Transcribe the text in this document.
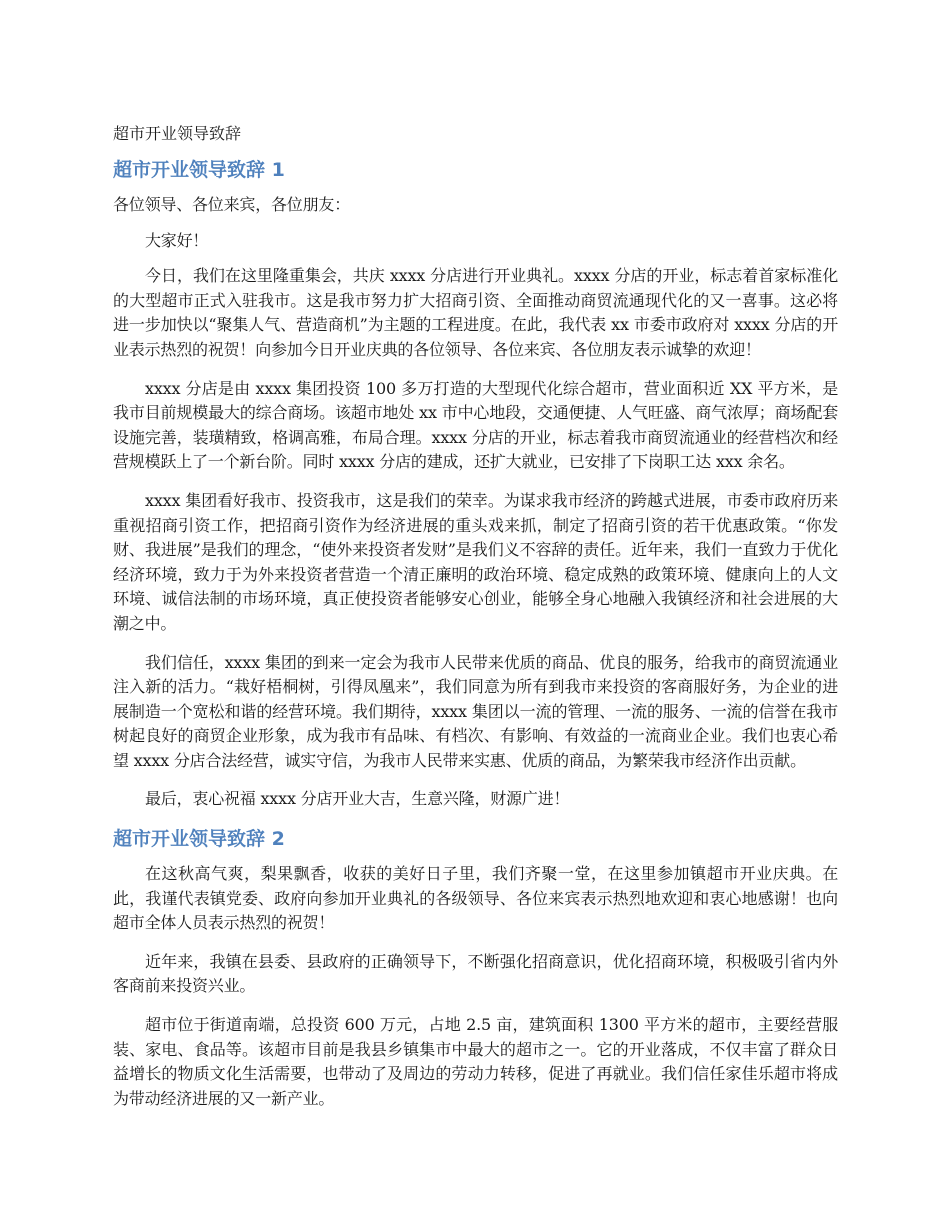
超市开业领导致辞
超市开业领导致辞 1

各位领导、各位来宾，各位朋友：

大家好！

今日，我们在这里隆重集会，共庆 xxxx 分店进行开业典礼。xxxx 分店的开业，标志着首家标准化的大型超市正式入驻我市。这是我市努力扩大招商引资、全面推动商贸流通现代化的又一喜事。这必将进一步加快以“聚集人气、营造商机”为主题的工程进度。在此，我代表 xx 市委市政府对 xxxx 分店的开业表示热烈的祝贺！向参加今日开业庆典的各位领导、各位来宾、各位朋友表示诚挚的欢迎！

xxxx 分店是由 xxxx 集团投资 100 多万打造的大型现代化综合超市，营业面积近 XX 平方米，是我市目前规模最大的综合商场。该超市地处 xx 市中心地段，交通便捷、人气旺盛、商气浓厚；商场配套设施完善，装璜精致，格调高雅，布局合理。xxxx 分店的开业，标志着我市商贸流通业的经营档次和经营规模跃上了一个新台阶。同时 xxxx 分店的建成，还扩大就业，已安排了下岗职工达 xxx 余名。

xxxx 集团看好我市、投资我市，这是我们的荣幸。为谋求我市经济的跨越式进展，市委市政府历来重视招商引资工作，把招商引资作为经济进展的重头戏来抓，制定了招商引资的若干优惠政策。“你发财、我进展”是我们的理念，“使外来投资者发财”是我们义不容辞的责任。近年来，我们一直致力于优化经济环境，致力于为外来投资者营造一个清正廉明的政治环境、稳定成熟的政策环境、健康向上的人文环境、诚信法制的市场环境，真正使投资者能够安心创业，能够全身心地融入我镇经济和社会进展的大潮之中。

我们信任，xxxx 集团的到来一定会为我市人民带来优质的商品、优良的服务，给我市的商贸流通业注入新的活力。“栽好梧桐树，引得凤凰来”，我们同意为所有到我市来投资的客商服好务，为企业的进展制造一个宽松和谐的经营环境。我们期待，xxxx 集团以一流的管理、一流的服务、一流的信誉在我市树起良好的商贸企业形象，成为我市有品味、有档次、有影响、有效益的一流商业企业。我们也衷心希望 xxxx 分店合法经营，诚实守信，为我市人民带来实惠、优质的商品，为繁荣我市经济作出贡献。

最后，衷心祝福 xxxx 分店开业大吉，生意兴隆，财源广进！

超市开业领导致辞 2

在这秋高气爽，梨果飘香，收获的美好日子里，我们齐聚一堂，在这里参加镇超市开业庆典。在此，我谨代表镇党委、政府向参加开业典礼的各级领导、各位来宾表示热烈地欢迎和衷心地感谢！也向超市全体人员表示热烈的祝贺！

近年来，我镇在县委、县政府的正确领导下，不断强化招商意识，优化招商环境，积极吸引省内外客商前来投资兴业。

超市位于街道南端，总投资 600 万元，占地 2.5 亩，建筑面积 1300 平方米的超市，主要经营服装、家电、食品等。该超市目前是我县乡镇集市中最大的超市之一。它的开业落成，不仅丰富了群众日益增长的物质文化生活需要，也带动了及周边的劳动力转移，促进了再就业。我们信任家佳乐超市将成为带动经济进展的又一新产业。
